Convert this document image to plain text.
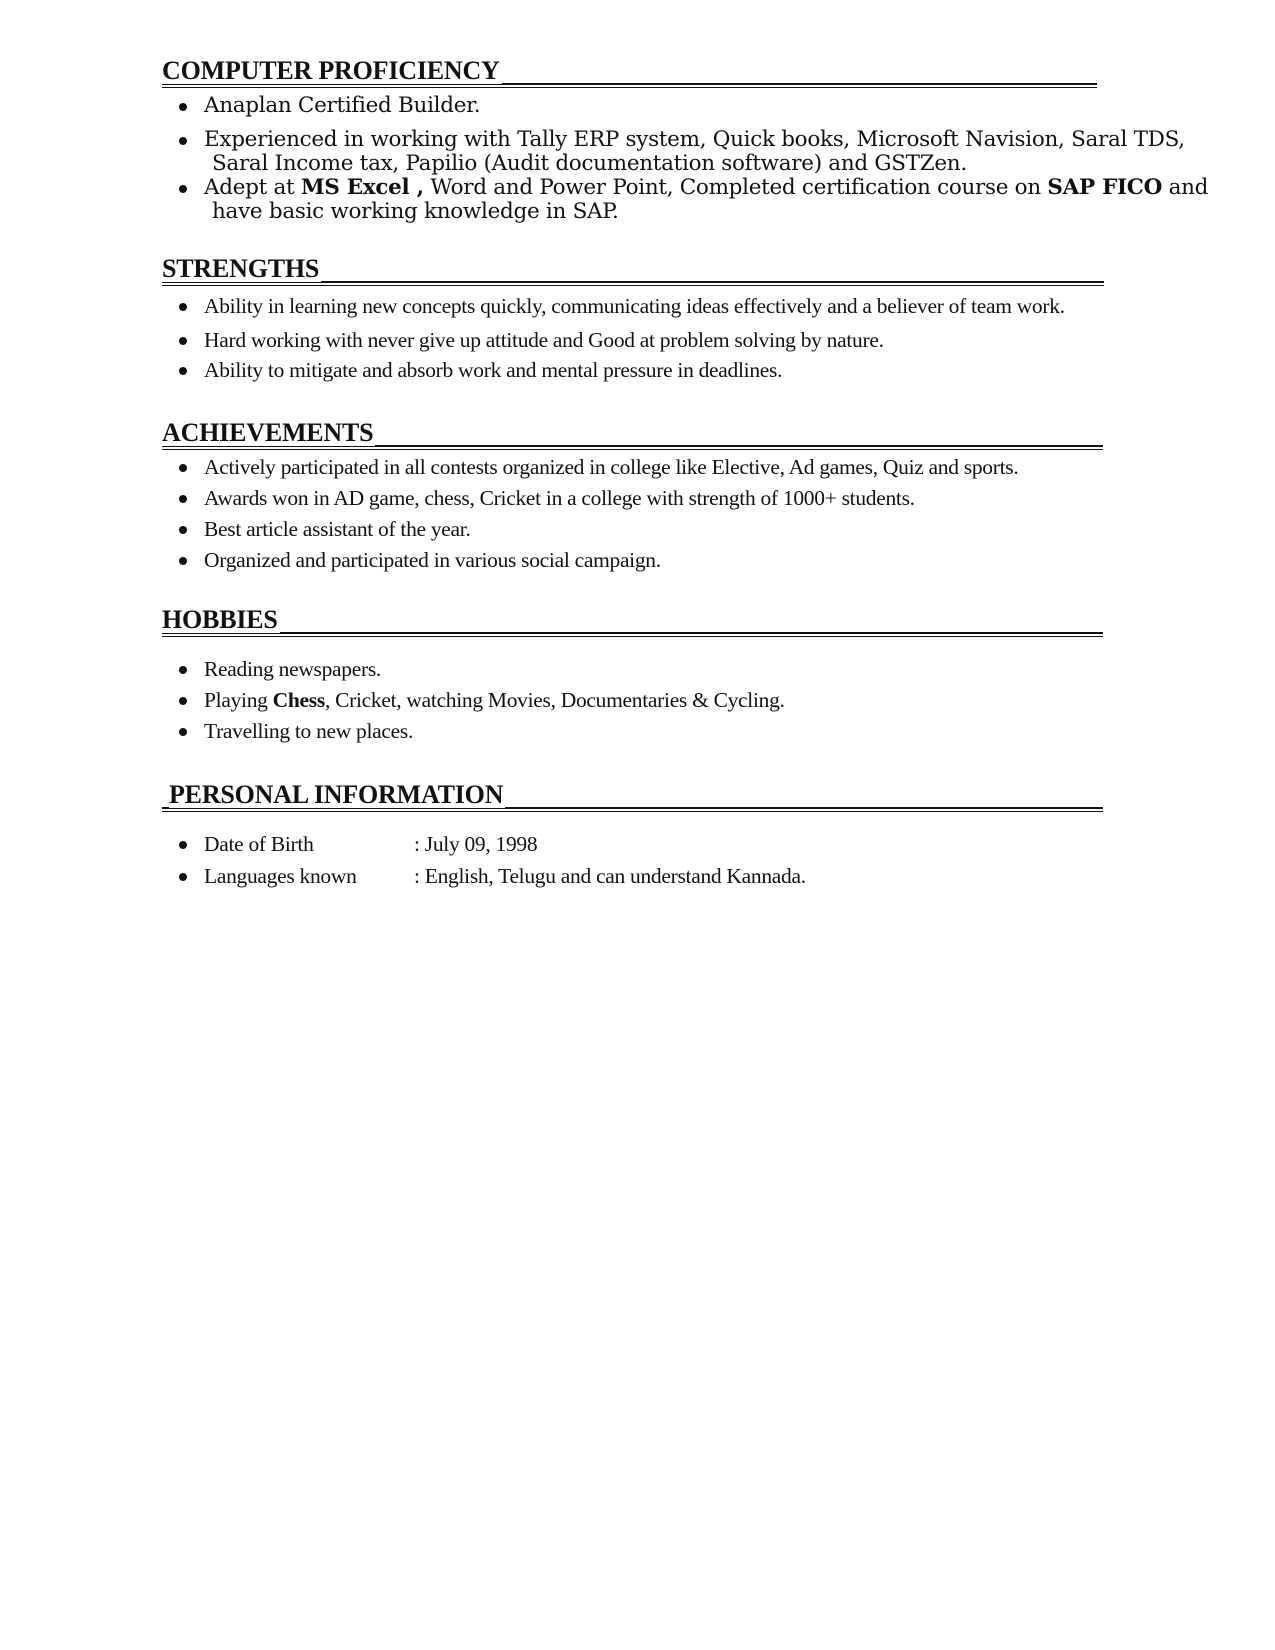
COMPUTER PROFICIENCY
Anaplan Certified Builder.
Experienced in working with Tally ERP system, Quick books, Microsoft Navision, Saral TDS,
Saral Income tax, Papilio (Audit documentation software) and GSTZen.
Adept at MS Excel , Word and Power Point, Completed certification course on SAP FICO and
have basic working knowledge in SAP.
STRENGTHS
Ability in learning new concepts quickly, communicating ideas effectively and a believer of team work.
Hard working with never give up attitude and Good at problem solving by nature.
Ability to mitigate and absorb work and mental pressure in deadlines.
ACHIEVEMENTS
Actively participated in all contests organized in college like Elective, Ad games, Quiz and sports.
Awards won in AD game, chess, Cricket in a college with strength of 1000+ students.
Best article assistant of the year.
Organized and participated in various social campaign.
HOBBIES
Reading newspapers.
Playing Chess, Cricket, watching Movies, Documentaries & Cycling.
Travelling to new places.
PERSONAL INFORMATION
Date of Birth	: July 09, 1998
Languages known	: English, Telugu and can understand Kannada.
